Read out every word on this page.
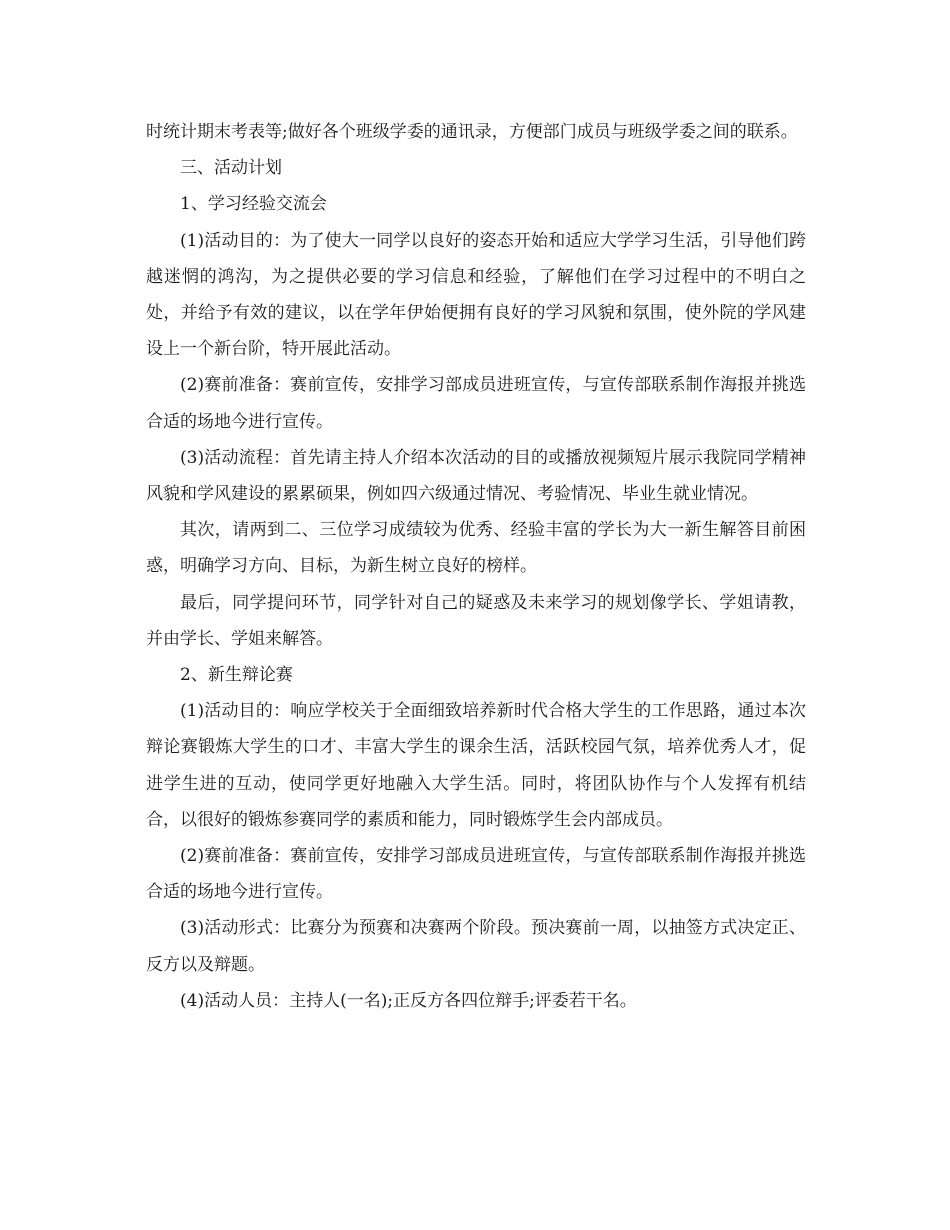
时统计期末考表等;做好各个班级学委的通讯录，方便部门成员与班级学委之间的联系。

三、活动计划

1、学习经验交流会

(1)活动目的：为了使大一同学以良好的姿态开始和适应大学学习生活，引导他们跨越迷惘的鸿沟，为之提供必要的学习信息和经验，了解他们在学习过程中的不明白之处，并给予有效的建议，以在学年伊始便拥有良好的学习风貌和氛围，使外院的学风建设上一个新台阶，特开展此活动。

(2)赛前准备：赛前宣传，安排学习部成员进班宣传，与宣传部联系制作海报并挑选合适的场地今进行宣传。

(3)活动流程：首先请主持人介绍本次活动的目的或播放视频短片展示我院同学精神风貌和学风建设的累累硕果，例如四六级通过情况、考验情况、毕业生就业情况。

其次，请两到二、三位学习成绩较为优秀、经验丰富的学长为大一新生解答目前困惑，明确学习方向、目标，为新生树立良好的榜样。

最后，同学提问环节，同学针对自己的疑惑及未来学习的规划像学长、学姐请教，并由学长、学姐来解答。

2、新生辩论赛

(1)活动目的：响应学校关于全面细致培养新时代合格大学生的工作思路，通过本次辩论赛锻炼大学生的口才、丰富大学生的课余生活，活跃校园气氛，培养优秀人才，促进学生进的互动，使同学更好地融入大学生活。同时，将团队协作与个人发挥有机结合，以很好的锻炼参赛同学的素质和能力，同时锻炼学生会内部成员。

(2)赛前准备：赛前宣传，安排学习部成员进班宣传，与宣传部联系制作海报并挑选合适的场地今进行宣传。

(3)活动形式：比赛分为预赛和决赛两个阶段。预决赛前一周，以抽签方式决定正、反方以及辩题。

(4)活动人员：主持人(一名);正反方各四位辩手;评委若干名。
